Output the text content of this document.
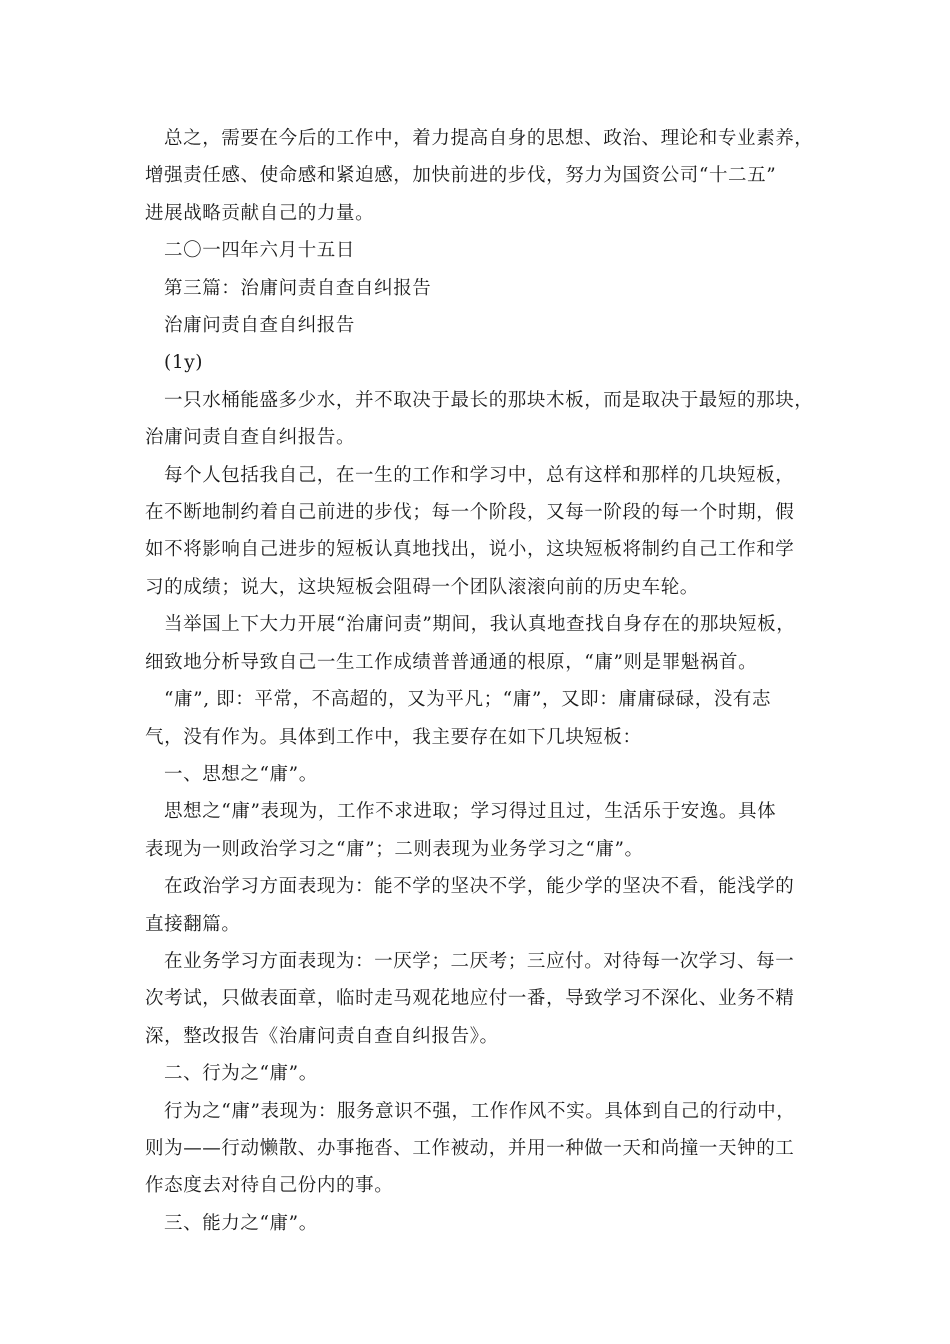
总之，需要在今后的工作中，着力提高自身的思想、政治、理论和专业素养，
增强责任感、使命感和紧迫感，加快前进的步伐，努力为国资公司“十二五”
进展战略贡献自己的力量。

二〇一四年六月十五日

第三篇：治庸问责自查自纠报告

治庸问责自查自纠报告

(1y)

一只水桶能盛多少水，并不取决于最长的那块木板，而是取决于最短的那块，
治庸问责自查自纠报告。

每个人包括我自己，在一生的工作和学习中，总有这样和那样的几块短板，
在不断地制约着自己前进的步伐；每一个阶段，又每一阶段的每一个时期，假
如不将影响自己进步的短板认真地找出，说小，这块短板将制约自己工作和学
习的成绩；说大，这块短板会阻碍一个团队滚滚向前的历史车轮。

当举国上下大力开展“治庸问责”期间，我认真地查找自身存在的那块短板，
细致地分析导致自己一生工作成绩普普通通的根原，“庸”则是罪魁祸首。

“庸”, 即：平常，不高超的，又为平凡；“庸”，又即：庸庸碌碌，没有志
气，没有作为。具体到工作中，我主要存在如下几块短板：

一、思想之“庸”。

思想之“庸”表现为，工作不求进取；学习得过且过，生活乐于安逸。具体
表现为一则政治学习之“庸”；二则表现为业务学习之“庸”。

在政治学习方面表现为：能不学的坚决不学，能少学的坚决不看，能浅学的
直接翻篇。

在业务学习方面表现为：一厌学；二厌考；三应付。对待每一次学习、每一
次考试，只做表面章，临时走马观花地应付一番，导致学习不深化、业务不精
深，整改报告《治庸问责自查自纠报告》。

二、行为之“庸”。

行为之“庸”表现为：服务意识不强，工作作风不实。具体到自己的行动中，
则为——行动懒散、办事拖沓、工作被动，并用一种做一天和尚撞一天钟的工
作态度去对待自己份内的事。

三、能力之“庸”。
